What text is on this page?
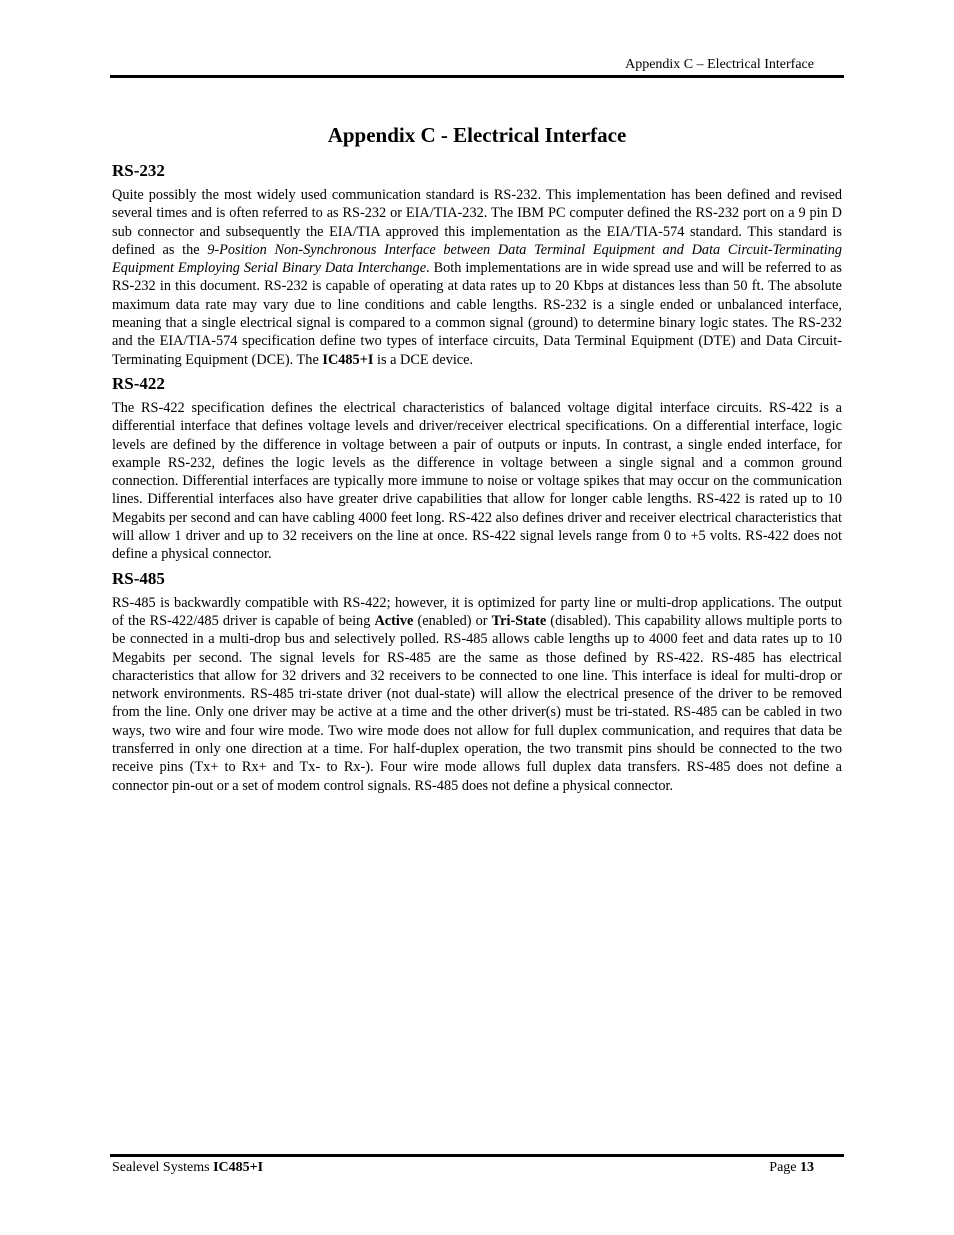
Appendix C – Electrical Interface
Appendix C - Electrical Interface
RS-232

Quite possibly the most widely used communication standard is RS-232. This implementation has been defined and revised several times and is often referred to as RS-232 or EIA/TIA-232. The IBM PC computer defined the RS-232 port on a 9 pin D sub connector and subsequently the EIA/TIA approved this implementation as the EIA/TIA-574 standard. This standard is defined as the 9-Position Non-Synchronous Interface between Data Terminal Equipment and Data Circuit-Terminating Equipment Employing Serial Binary Data Interchange. Both implementations are in wide spread use and will be referred to as RS-232 in this document. RS-232 is capable of operating at data rates up to 20 Kbps at distances less than 50 ft. The absolute maximum data rate may vary due to line conditions and cable lengths. RS-232 is a single ended or unbalanced interface, meaning that a single electrical signal is compared to a common signal (ground) to determine binary logic states. The RS-232 and the EIA/TIA-574 specification define two types of interface circuits, Data Terminal Equipment (DTE) and Data Circuit-Terminating Equipment (DCE). The IC485+I is a DCE device.

RS-422

The RS-422 specification defines the electrical characteristics of balanced voltage digital interface circuits. RS-422 is a differential interface that defines voltage levels and driver/receiver electrical specifications. On a differential interface, logic levels are defined by the difference in voltage between a pair of outputs or inputs. In contrast, a single ended interface, for example RS-232, defines the logic levels as the difference in voltage between a single signal and a common ground connection. Differential interfaces are typically more immune to noise or voltage spikes that may occur on the communication lines. Differential interfaces also have greater drive capabilities that allow for longer cable lengths. RS-422 is rated up to 10 Megabits per second and can have cabling 4000 feet long. RS-422 also defines driver and receiver electrical characteristics that will allow 1 driver and up to 32 receivers on the line at once. RS-422 signal levels range from 0 to +5 volts. RS-422 does not define a physical connector.

RS-485

RS-485 is backwardly compatible with RS-422; however, it is optimized for party line or multi-drop applications. The output of the RS-422/485 driver is capable of being Active (enabled) or Tri-State (disabled). This capability allows multiple ports to be connected in a multi-drop bus and selectively polled. RS-485 allows cable lengths up to 4000 feet and data rates up to 10 Megabits per second. The signal levels for RS-485 are the same as those defined by RS-422. RS-485 has electrical characteristics that allow for 32 drivers and 32 receivers to be connected to one line. This interface is ideal for multi-drop or network environments. RS-485 tri-state driver (not dual-state) will allow the electrical presence of the driver to be removed from the line. Only one driver may be active at a time and the other driver(s) must be tri-stated. RS-485 can be cabled in two ways, two wire and four wire mode. Two wire mode does not allow for full duplex communication, and requires that data be transferred in only one direction at a time. For half-duplex operation, the two transmit pins should be connected to the two receive pins (Tx+ to Rx+ and Tx- to Rx-). Four wire mode allows full duplex data transfers. RS-485 does not define a connector pin-out or a set of modem control signals. RS-485 does not define a physical connector.

Sealevel Systems IC485+I	Page 13
